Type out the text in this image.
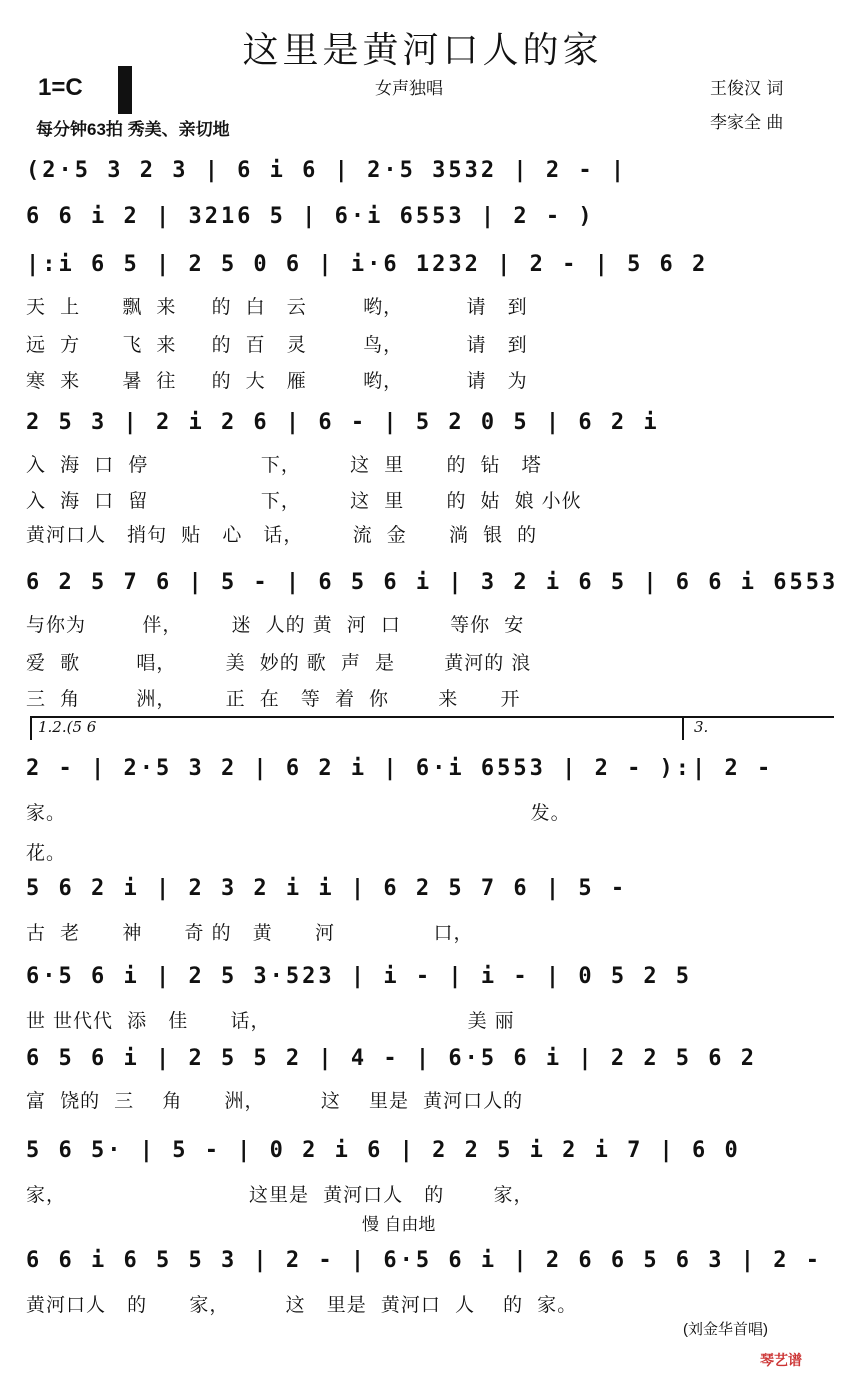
这里是黄河口人的家
1=C
每分钟63拍 秀美、亲切地
女声独唱	王俊汉 词
李家全 曲
(2·5 3 2 3 | 6 i 6 | 2·5 3532 | 2 - |
6 6 i 2 | 3216 5 | 6·i 6553 | 2 - )
|:i 6 5 | 2 5 0 6 | i·6 1232 | 2 - | 5 6 2
天  上      飘  来     的  白   云        哟，         请   到
远  方      飞  来     的  百   灵        鸟，         请   到
寒  来      暑  往     的  大   雁        哟，         请   为
2 5 3 | 2 i 2 6 | 6 - | 5 2 0 5 | 6 2 i
入  海  口  停                下，       这  里      的  钻   塔
入  海  口  留                下，       这  里      的  姑  娘 小伙
黄河口人   捎句  贴   心   话，       流  金      淌  银  的
6 2 5 7 6 | 5 - | 6 5 6 i | 3 2 i 6 5 | 6 6 i 6553
与你为        伴，       迷  人的 黄  河  口       等你  安
爱  歌        唱，       美  妙的 歌  声  是       黄河的 浪
三  角        洲，       正  在   等  着  你       来      开
1.2.(5 6	3.
2 - | 2·5 3 2 | 6 2 i | 6·i 6553 | 2 - ):| 2 -
家。                                                                  发。
花。
5 6 2 i | 2 3 2 i i | 6 2 5 7 6 | 5 -
古  老      神      奇 的   黄      河              口，
6·5 6 i | 2 5 3·523 | i - | i - | 0 5 2 5
世 世代代  添   佳      话，                            美 丽
6 5 6 i | 2 5 5 2 | 4 - | 6·5 6 i | 2 2 5 6 2
富  饶的  三    角      洲，        这    里是  黄河口人的
5 6 5· | 5 - | 0 2 i 6 | 2 2 5 i 2 i 7 | 6 0
家，                          这里是  黄河口人   的       家，
慢 自由地
6 6 i 6 5 5 3 | 2 - | 6·5 6 i | 2 6 6 5 6 3 | 2 -
黄河口人   的      家，        这   里是  黄河口  人    的  家。
(刘金华首唱)
琴艺谱
